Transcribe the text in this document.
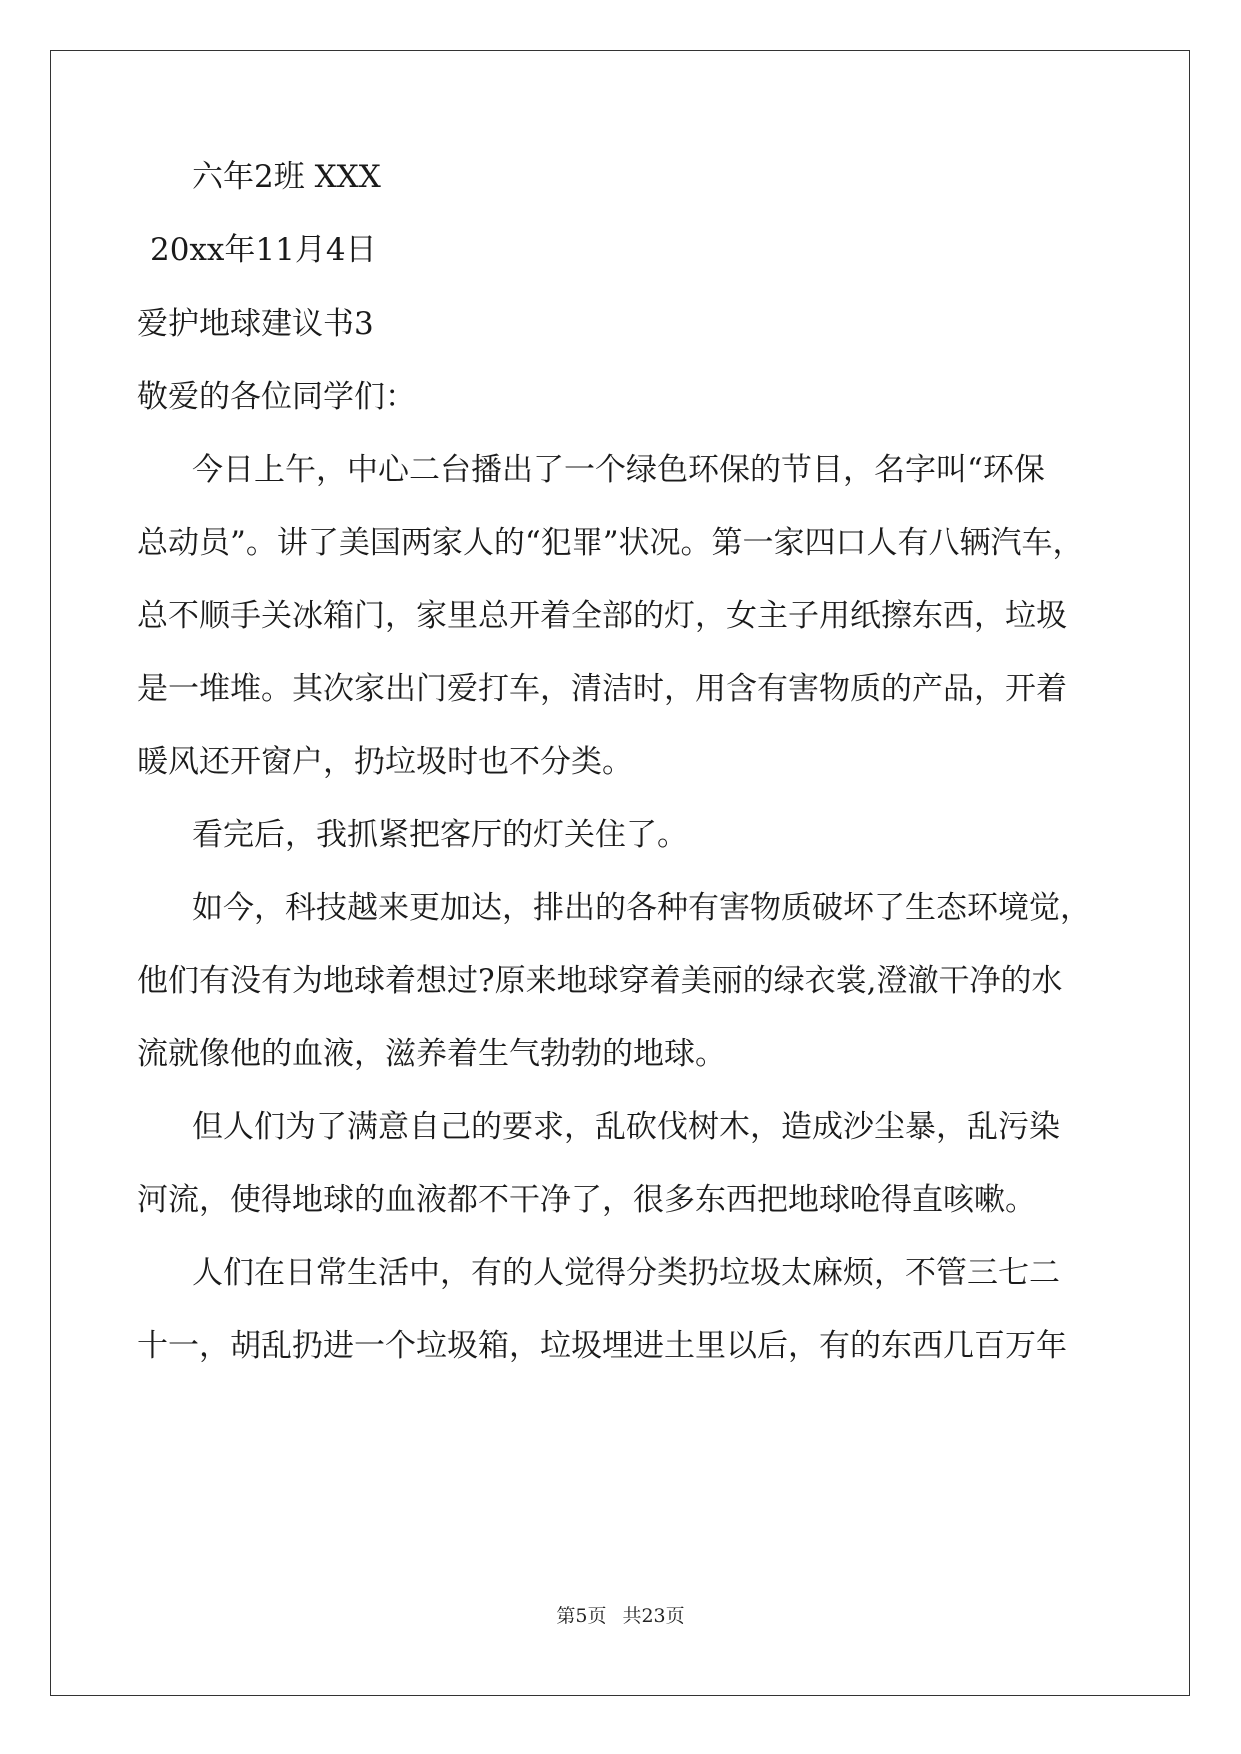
六年2班 XXX
20xx年11月4日
爱护地球建议书3
敬爱的各位同学们：
今日上午，中心二台播出了一个绿色环保的节目，名字叫“环保
总动员”。讲了美国两家人的“犯罪”状况。第一家四口人有八辆汽车，
总不顺手关冰箱门，家里总开着全部的灯，女主子用纸擦东西，垃圾
是一堆堆。其次家出门爱打车，清洁时，用含有害物质的产品，开着
暖风还开窗户，扔垃圾时也不分类。
看完后，我抓紧把客厅的灯关住了。
如今，科技越来更加达，排出的各种有害物质破坏了生态环境觉，
他们有没有为地球着想过?原来地球穿着美丽的绿衣裳,澄澈干净的水
流就像他的血液，滋养着生气勃勃的地球。
但人们为了满意自己的要求，乱砍伐树木，造成沙尘暴，乱污染
河流，使得地球的血液都不干净了，很多东西把地球呛得直咳嗽。
人们在日常生活中，有的人觉得分类扔垃圾太麻烦，不管三七二
十一，胡乱扔进一个垃圾箱，垃圾埋进土里以后，有的东西几百万年
第5页 共23页
